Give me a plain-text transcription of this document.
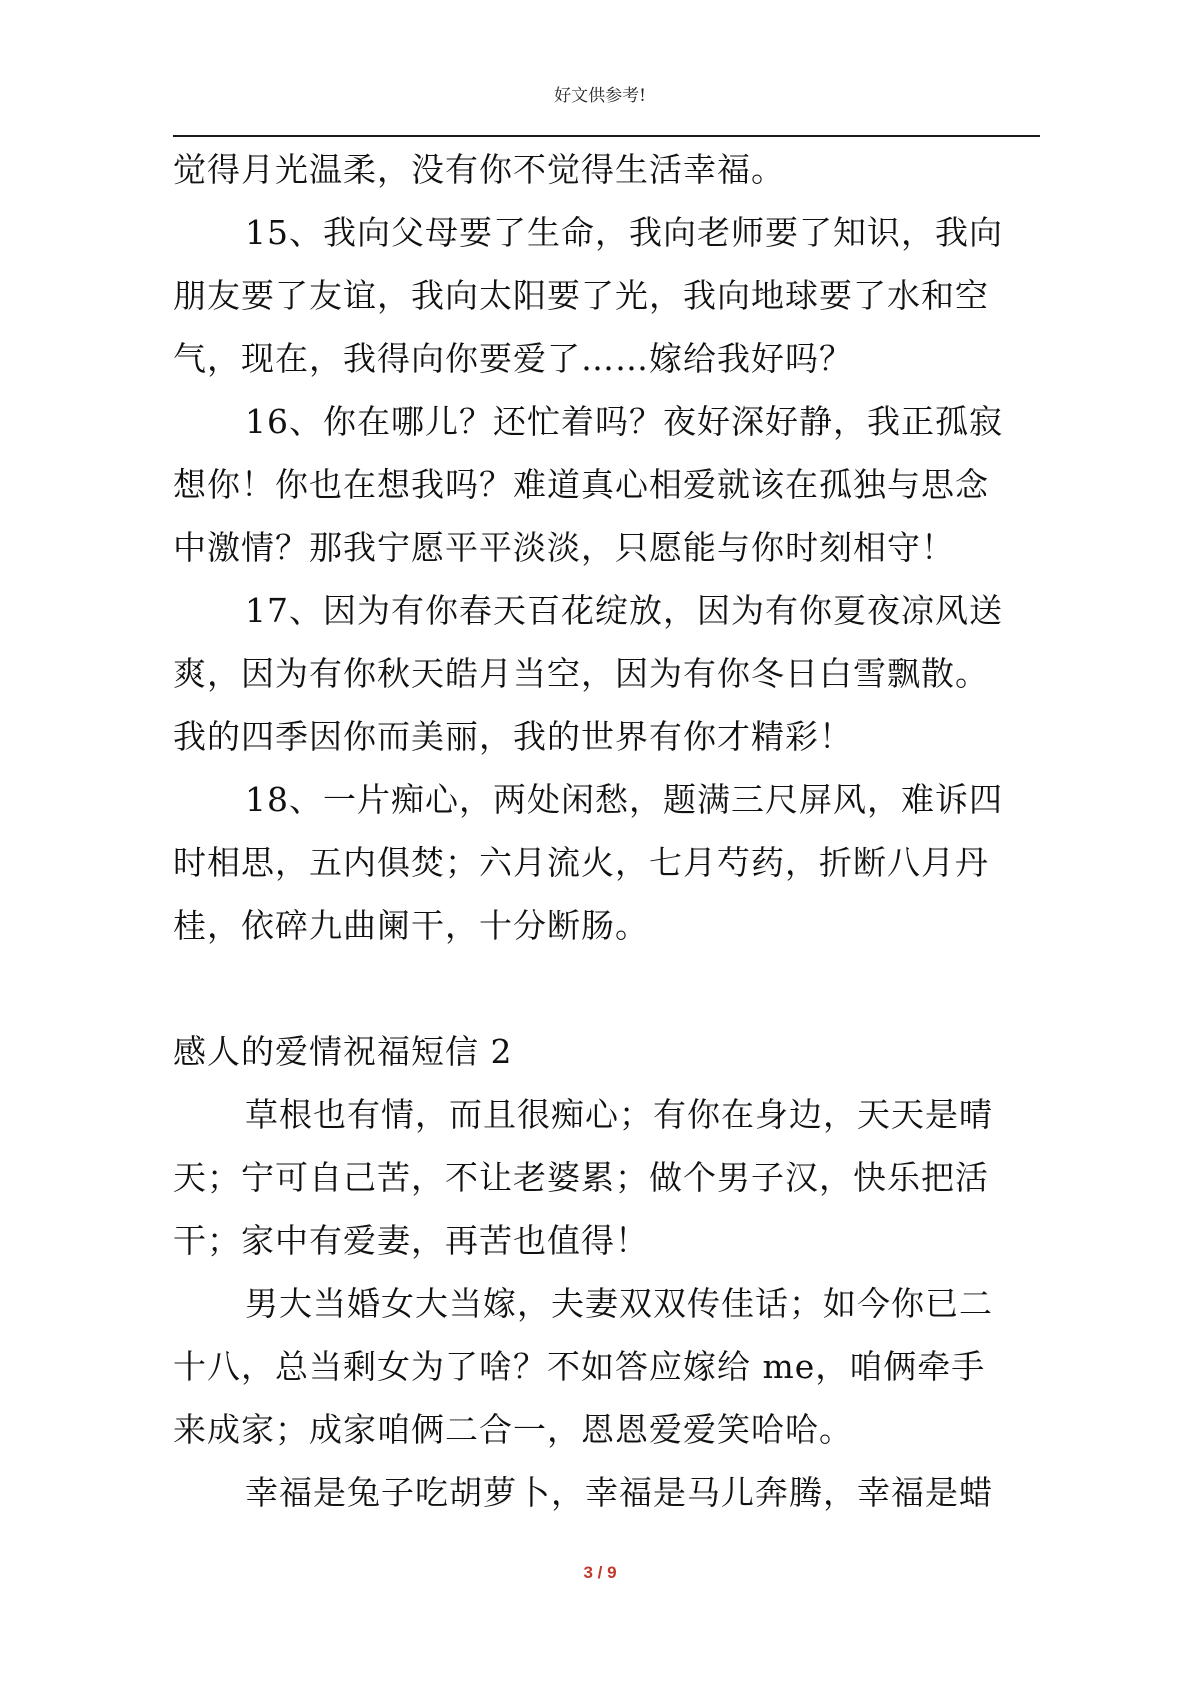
好文供参考!

觉得月光温柔，没有你不觉得生活幸福。

15、我向父母要了生命，我向老师要了知识，我向

朋友要了友谊，我向太阳要了光，我向地球要了水和空

气，现在，我得向你要爱了……嫁给我好吗？

16、你在哪儿？还忙着吗？夜好深好静，我正孤寂

想你！你也在想我吗？难道真心相爱就该在孤独与思念

中激情？那我宁愿平平淡淡，只愿能与你时刻相守！

17、因为有你春天百花绽放，因为有你夏夜凉风送

爽，因为有你秋天皓月当空，因为有你冬日白雪飘散。

我的四季因你而美丽，我的世界有你才精彩！

18、一片痴心，两处闲愁，题满三尺屏风，难诉四

时相思，五内俱焚；六月流火，七月芍药，折断八月丹

桂，依碎九曲阑干，十分断肠。

感人的爱情祝福短信 2

草根也有情，而且很痴心；有你在身边，天天是晴

天；宁可自己苦，不让老婆累；做个男子汉，快乐把活

干；家中有爱妻，再苦也值得！

男大当婚女大当嫁，夫妻双双传佳话；如今你已二

十八，总当剩女为了啥？不如答应嫁给 me，咱俩牵手

来成家；成家咱俩二合一，恩恩爱爱笑哈哈。

幸福是兔子吃胡萝卜，幸福是马儿奔腾，幸福是蜡

3 / 9
